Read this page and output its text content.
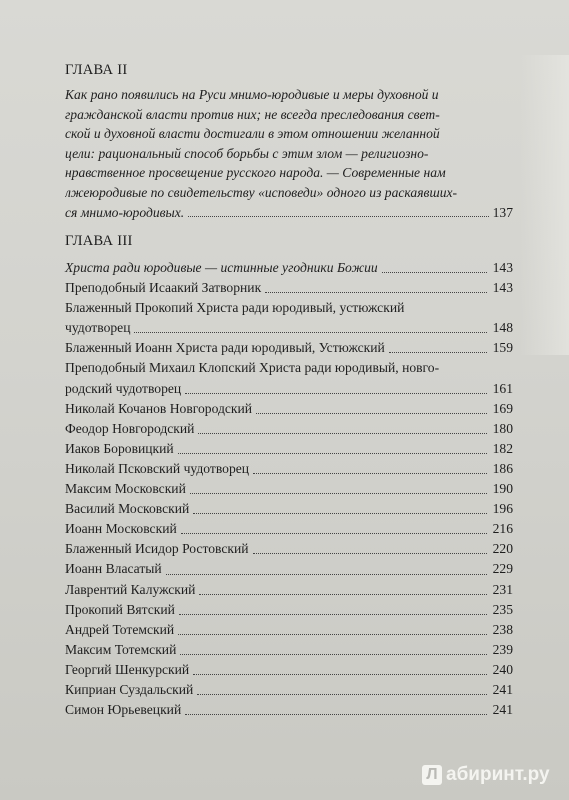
ГЛАВА II
Как рано появились на Руси мнимо-юродивые и меры духовной и
гражданской власти против них; не всегда преследования свет-
ской и духовной власти достигали в этом отношении желанной
цели: рациональный способ борьбы с этим злом — религиозно-
нравственное просвещение русского народа. — Современные нам
лжеюродивые по свидетельству «исповеди» одного из раскаявших-
ся мнимо-юродивых.	137
ГЛАВА III
Христа ради юродивые — истинные угодники Божии	143
Преподобный Исаакий Затворник	143
Блаженный Прокопий Христа ради юродивый, устюжский
чудотворец	148
Блаженный Иоанн Христа ради юродивый, Устюжский	159
Преподобный Михаил Клопский Христа ради юродивый, новго-
родский чудотворец	161
Николай Кочанов Новгородский	169
Феодор Новгородский	180
Иаков Боровицкий	182
Николай Псковский чудотворец	186
Максим Московский	190
Василий Московский	196
Иоанн Московский	216
Блаженный Исидор Ростовский	220
Иоанн Власатый	229
Лаврентий Калужский	231
Прокопий Вятский	235
Андрей Тотемский	238
Максим Тотемский	239
Георгий Шенкурский	240
Киприан Суздальский	241
Симон Юрьевецкий	241
Л абиринт.ру
